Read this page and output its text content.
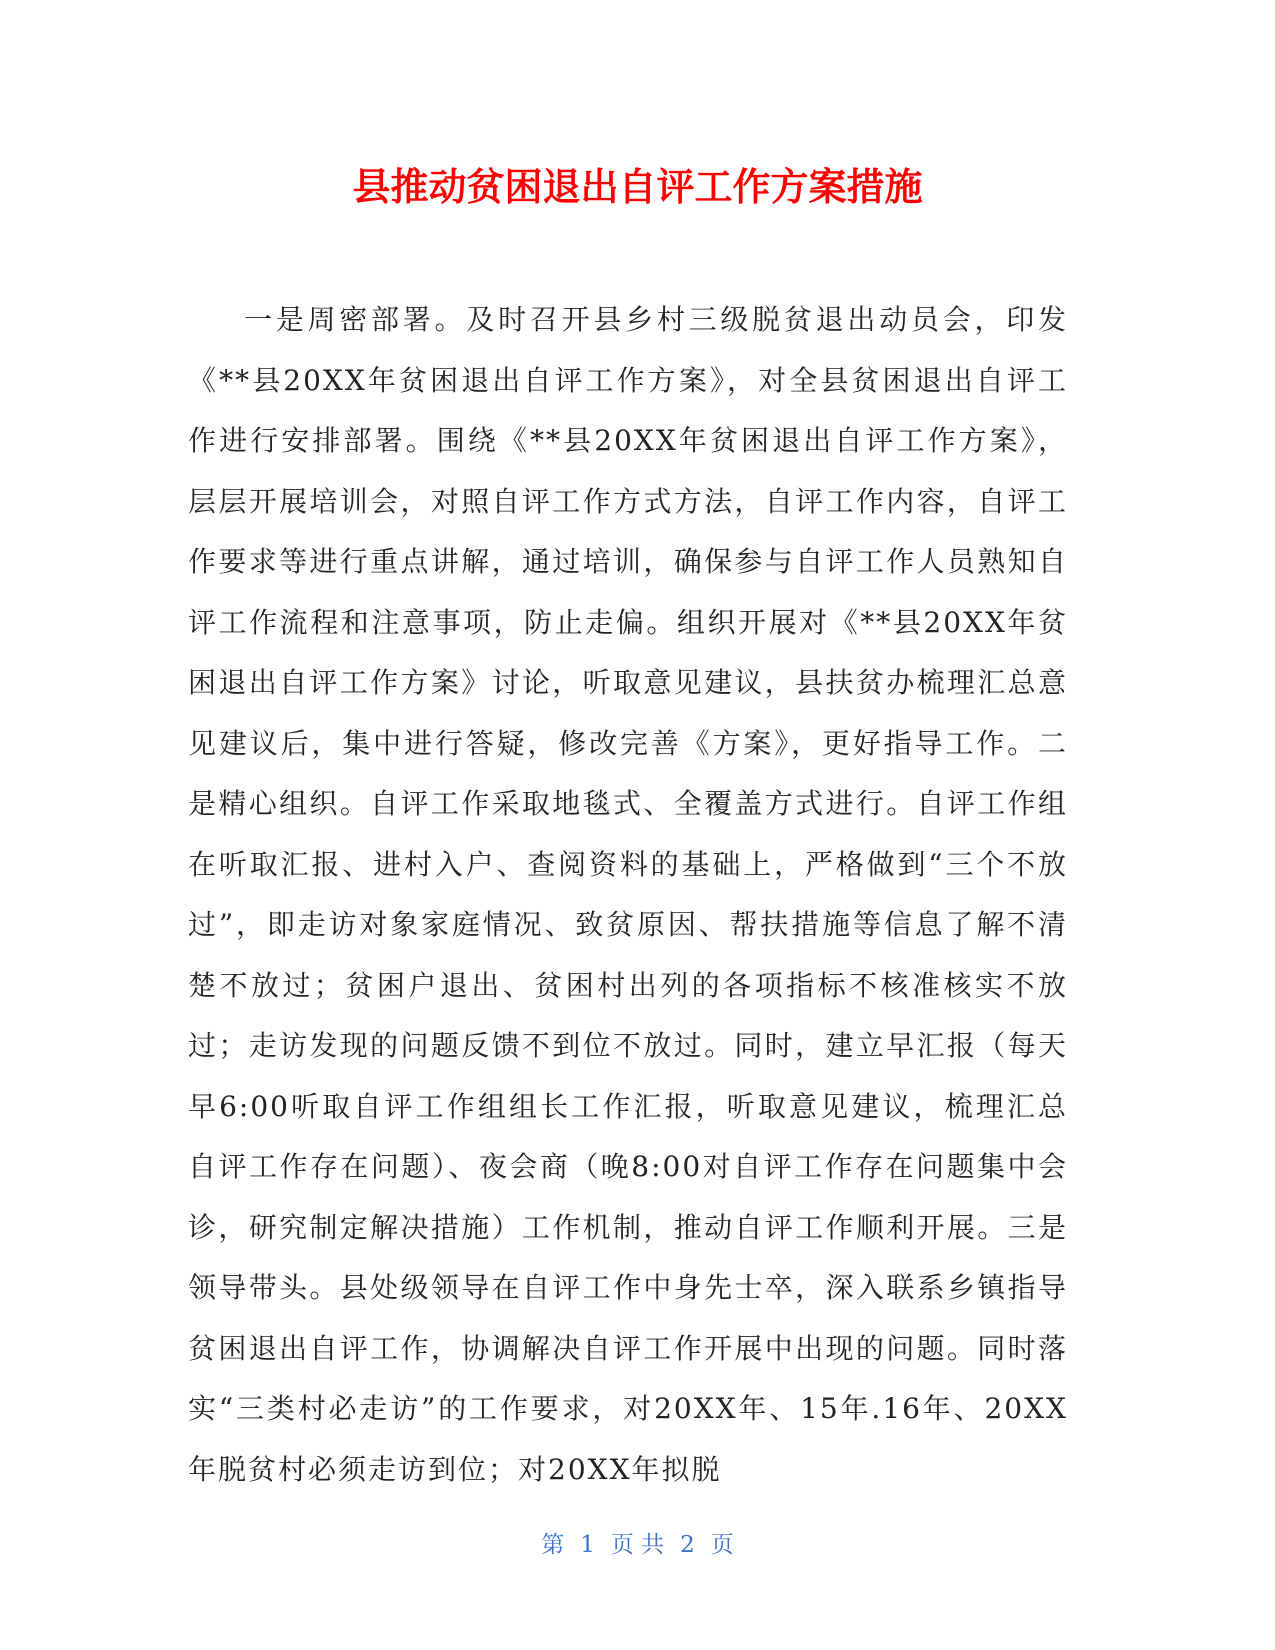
县推动贫困退出自评工作方案措施

一是周密部署。及时召开县乡村三级脱贫退出动员会，印发《**县20XX年贫困退出自评工作方案》，对全县贫困退出自评工作进行安排部署。围绕《**县20XX年贫困退出自评工作方案》，层层开展培训会，对照自评工作方式方法，自评工作内容，自评工作要求等进行重点讲解，通过培训，确保参与自评工作人员熟知自评工作流程和注意事项，防止走偏。组织开展对《**县20XX年贫困退出自评工作方案》讨论，听取意见建议，县扶贫办梳理汇总意见建议后，集中进行答疑，修改完善《方案》，更好指导工作。二是精心组织。自评工作采取地毯式、全覆盖方式进行。自评工作组在听取汇报、进村入户、查阅资料的基础上，严格做到“三个不放过”，即走访对象家庭情况、致贫原因、帮扶措施等信息了解不清楚不放过；贫困户退出、贫困村出列的各项指标不核准核实不放过；走访发现的问题反馈不到位不放过。同时，建立早汇报（每天早6:00听取自评工作组组长工作汇报，听取意见建议，梳理汇总自评工作存在问题）、夜会商（晚8:00对自评工作存在问题集中会诊，研究制定解决措施）工作机制，推动自评工作顺利开展。三是领导带头。县处级领导在自评工作中身先士卒，深入联系乡镇指导贫困退出自评工作，协调解决自评工作开展中出现的问题。同时落实“三类村必走访”的工作要求，对20XX年、15年.16年、20XX年脱贫村必须走访到位；对20XX年拟脱

第 1 页 共 2 页
